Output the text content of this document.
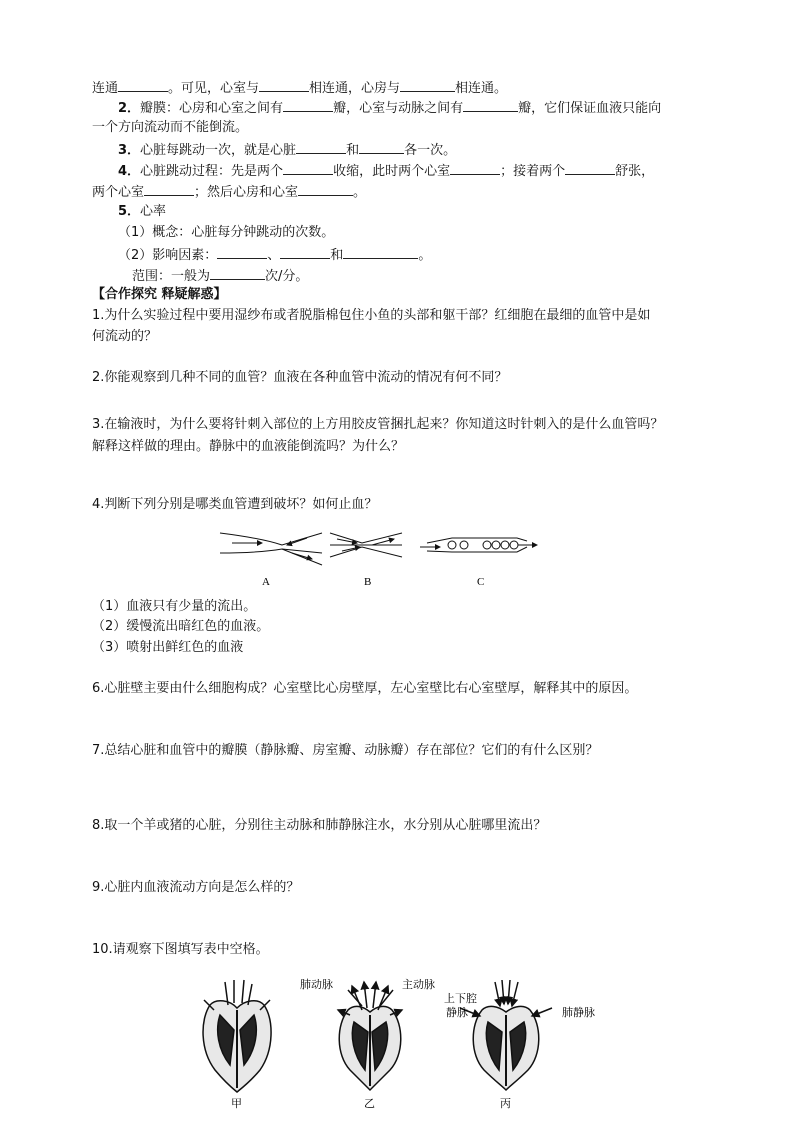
连通	。可见，心室与	相连通，心房与	相连通。
2．瓣膜：心房和心室之间有	瓣，心室与动脉之间有	瓣，它们保证血液只能向
一个方向流动而不能倒流。
3．心脏每跳动一次，就是心脏	和	各一次。
4．心脏跳动过程：先是两个	收缩，此时两个心室	；接着两个	舒张，
两个心室	；然后心房和心室	。
5．心率
（1）概念：心脏每分钟跳动的次数。
（2）影响因素：	、	和	。
范围：一般为	次/分。
【合作探究 释疑解惑】
1.为什么实验过程中要用湿纱布或者脱脂棉包住小鱼的头部和躯干部？红细胞在最细的血管中是如
何流动的？
2.你能观察到几种不同的血管？血液在各种血管中流动的情况有何不同？
3.在输液时，为什么要将针刺入部位的上方用胶皮管捆扎起来？你知道这时针刺入的是什么血管吗？
解释这样做的理由。静脉中的血液能倒流吗？为什么？
4.判断下列分别是哪类血管遭到破坏？如何止血？
A	B	C
（1）血液只有少量的流出。
（2）缓慢流出暗红色的血液。
（3）喷射出鲜红色的血液
6.心脏壁主要由什么细胞构成？心室壁比心房壁厚，左心室壁比右心室壁厚，解释其中的原因。
7.总结心脏和血管中的瓣膜（静脉瓣、房室瓣、动脉瓣）存在部位？它们的有什么区别？
8.取一个羊或猪的心脏，分别往主动脉和肺静脉注水，水分别从心脏哪里流出？
9.心脏内血液流动方向是怎么样的？
10.请观察下图填写表中空格。
肺动脉	主动脉
上下腔
静脉	肺静脉
甲	乙	丙
